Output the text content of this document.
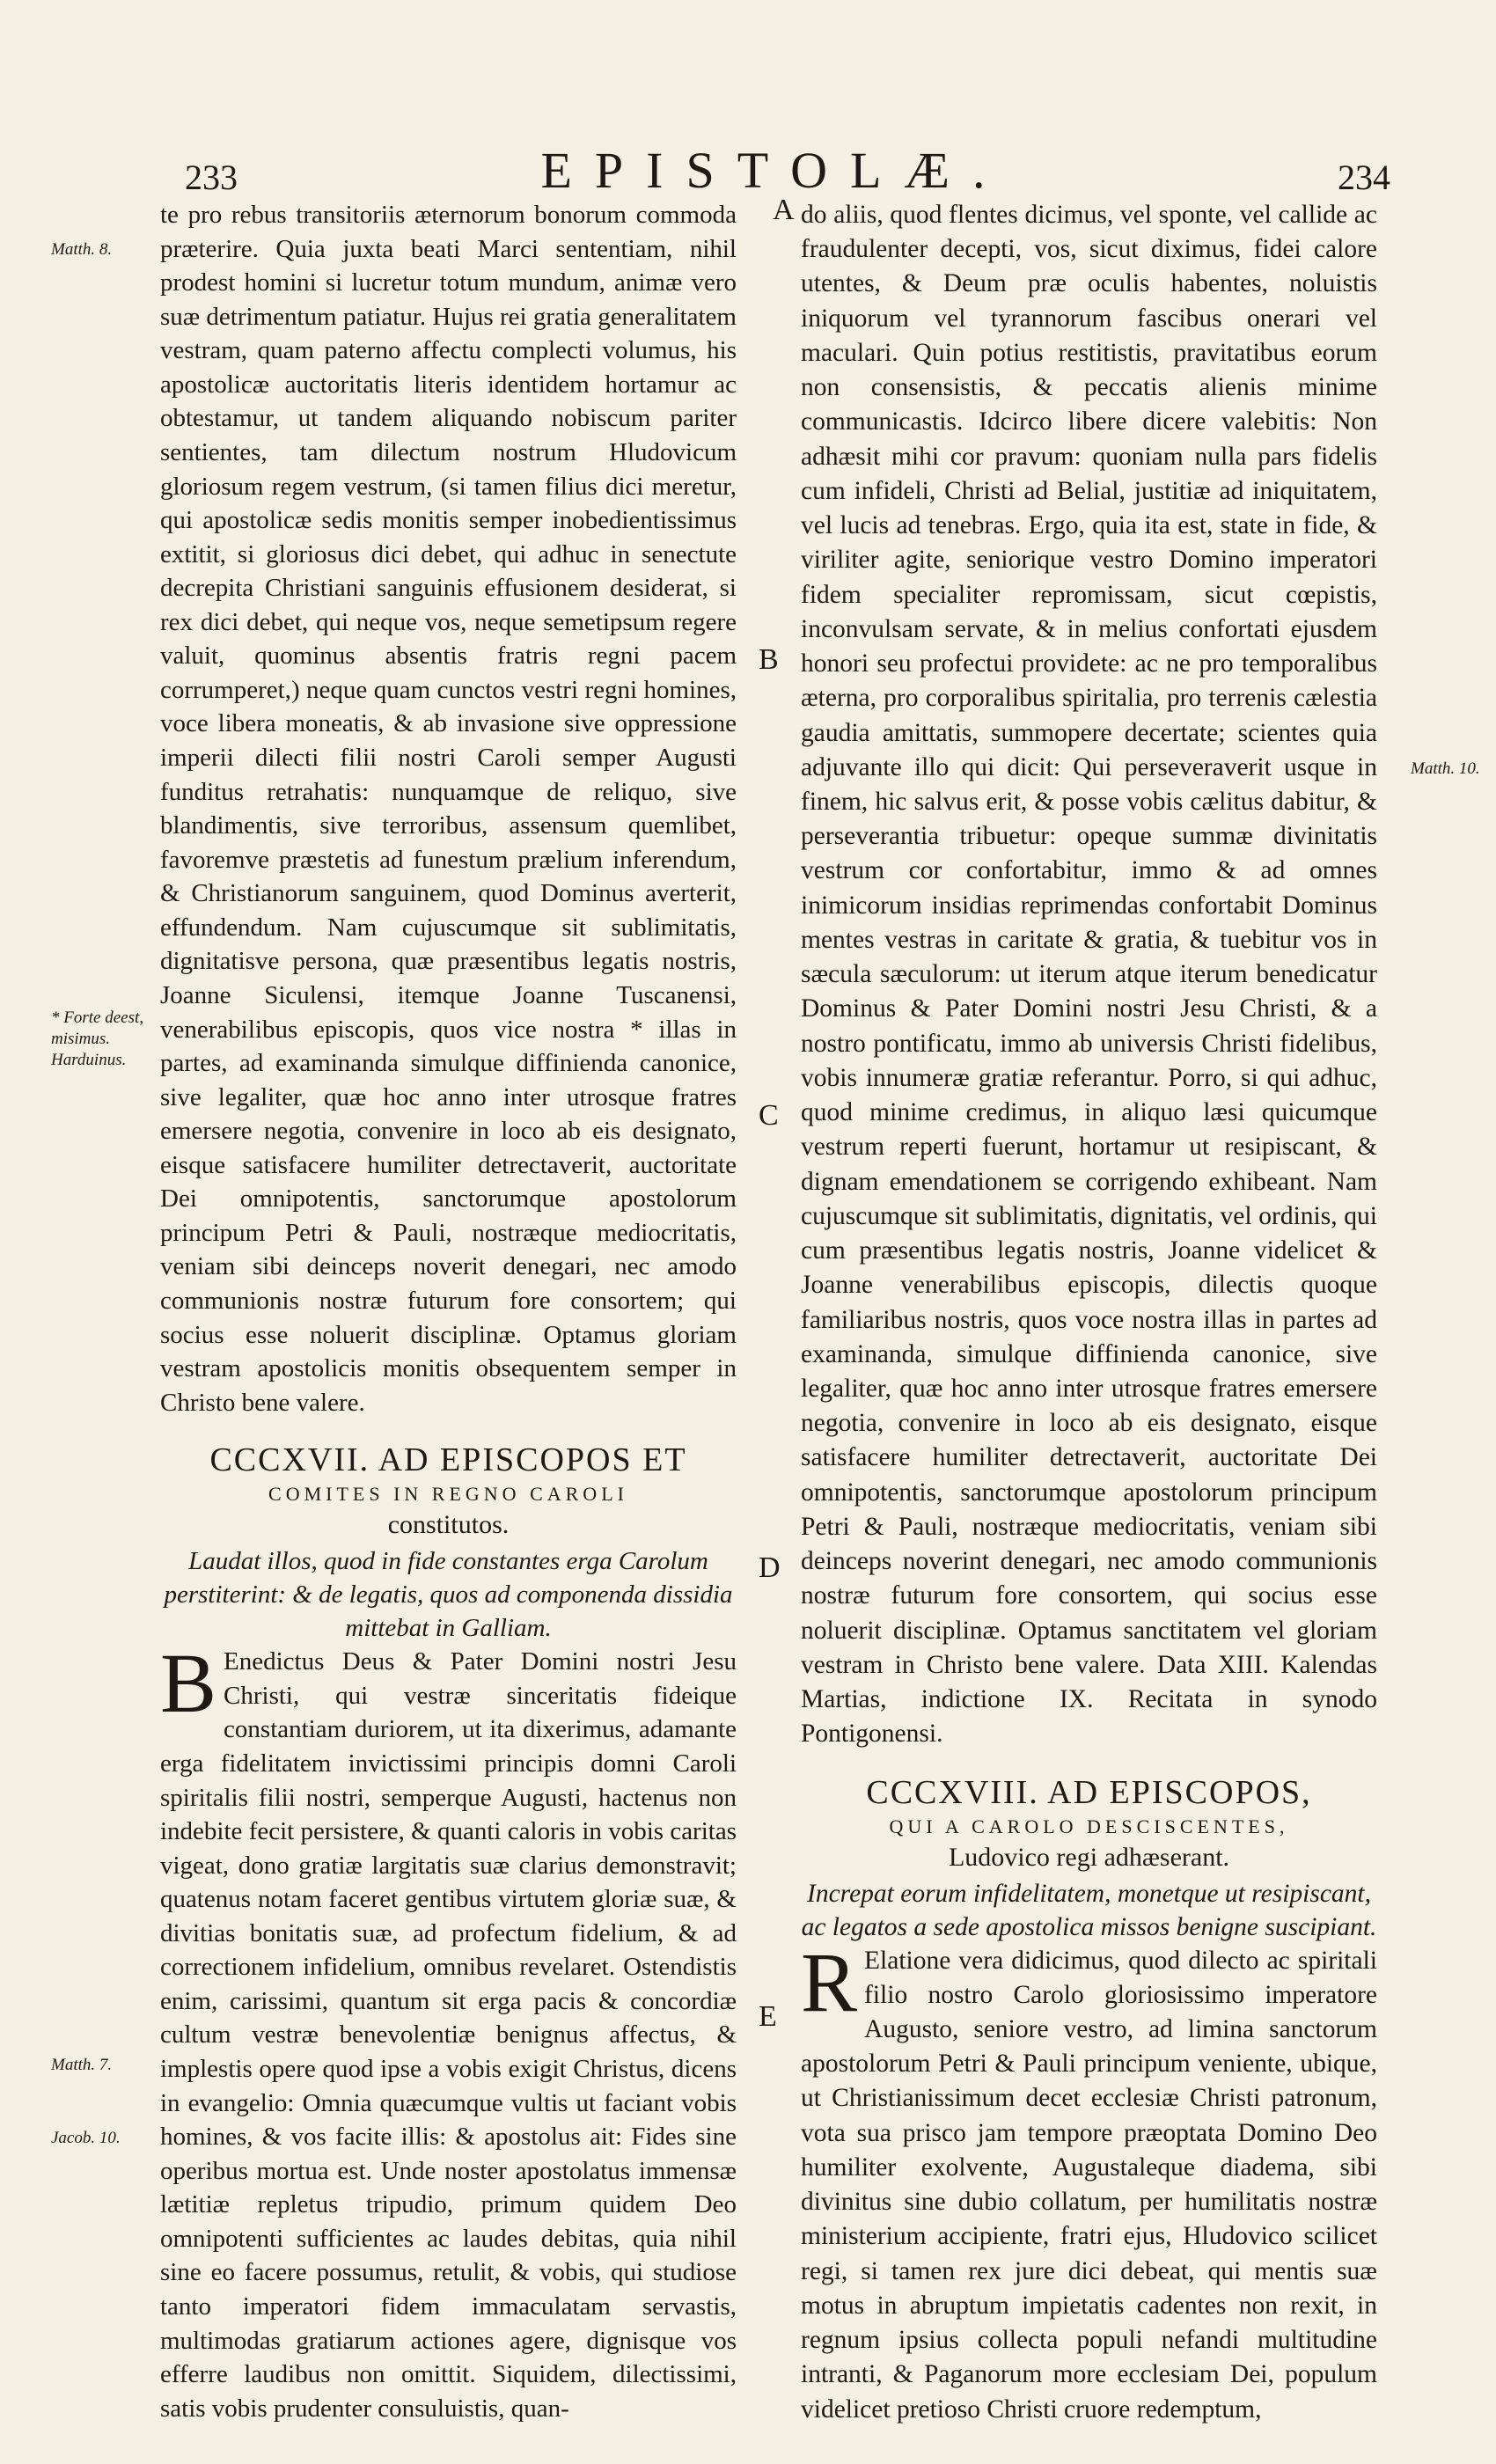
233	EPISTOLÆ.	234
Matth. 8.
* Forte deest, misimus. Harduinus.
Matth. 7.
Jacob. 10.
Matth. 10.
A
B
C
D
E

te pro rebus transitoriis æternorum bonorum commoda præterire. Quia juxta beati Marci sententiam, nihil prodest homini si lucretur totum mundum, animæ vero suæ detrimentum patiatur. Hujus rei gratia generalitatem vestram, quam paterno affectu complecti volumus, his apostolicæ auctoritatis literis identidem hortamur ac obtestamur, ut tandem aliquando nobiscum pariter sentientes, tam dilectum nostrum Hludovicum gloriosum regem vestrum, (si tamen filius dici meretur, qui apostolicæ sedis monitis semper inobedientissimus extitit, si gloriosus dici debet, qui adhuc in senectute decrepita Christiani sanguinis effusionem desiderat, si rex dici debet, qui neque vos, neque semetipsum regere valuit, quominus absentis fratris regni pacem corrumperet,) neque quam cunctos vestri regni homines, voce libera moneatis, & ab invasione sive oppressione imperii dilecti filii nostri Caroli semper Augusti funditus retrahatis: nunquamque de reliquo, sive blandimentis, sive terroribus, assensum quemlibet, favoremve præstetis ad funestum prælium inferendum, & Christianorum sanguinem, quod Dominus averterit, effundendum. Nam cujuscumque sit sublimitatis, dignitatisve persona, quæ præsentibus legatis nostris, Joanne Siculensi, itemque Joanne Tuscanensi, venerabilibus episcopis, quos vice nostra * illas in partes, ad examinanda simulque diffinienda canonice, sive legaliter, quæ hoc anno inter utrosque fratres emersere negotia, convenire in loco ab eis designato, eisque satisfacere humiliter detrectaverit, auctoritate Dei omnipotentis, sanctorumque apostolorum principum Petri & Pauli, nostræque mediocritatis, veniam sibi deinceps noverit denegari, nec amodo communionis nostræ futurum fore consortem; qui socius esse noluerit disciplinæ. Optamus gloriam vestram apostolicis monitis obsequentem semper in Christo bene valere.

CCCXVII. AD EPISCOPOS ET
COMITES IN REGNO CAROLI
constitutos.

Laudat illos, quod in fide constantes erga Carolum perstiterint: & de legatis, quos ad componenda dissidia mittebat in Galliam.

B Enedictus Deus & Pater Domini nostri Jesu Christi, qui vestræ sinceritatis fideique constantiam duriorem, ut ita dixerimus, adamante erga fidelitatem invictissimi principis domni Caroli spiritalis filii nostri, semperque Augusti, hactenus non indebite fecit persistere, & quanti caloris in vobis caritas vigeat, dono gratiæ largitatis suæ clarius demonstravit; quatenus notam faceret gentibus virtutem gloriæ suæ, & divitias bonitatis suæ, ad profectum fidelium, & ad correctionem infidelium, omnibus revelaret. Ostendistis enim, carissimi, quantum sit erga pacis & concordiæ cultum vestræ benevolentiæ benignus affectus, & implestis opere quod ipse a vobis exigit Christus, dicens in evangelio: Omnia quæcumque vultis ut faciant vobis homines, & vos facite illis: & apostolus ait: Fides sine operibus mortua est. Unde noster apostolatus immensæ lætitiæ repletus tripudio, primum quidem Deo omnipotenti sufficientes ac laudes debitas, quia nihil sine eo facere possumus, retulit, & vobis, qui studiose tanto imperatori fidem immaculatam servastis, multimodas gratiarum actiones agere, dignisque vos efferre laudibus non omittit. Siquidem, dilectissimi, satis vobis prudenter consuluistis, quan-

do aliis, quod flentes dicimus, vel sponte, vel callide ac fraudulenter decepti, vos, sicut diximus, fidei calore utentes, & Deum præ oculis habentes, noluistis iniquorum vel tyrannorum fascibus onerari vel maculari. Quin potius restitistis, pravitatibus eorum non consensistis, & peccatis alienis minime communicastis. Idcirco libere dicere valebitis: Non adhæsit mihi cor pravum: quoniam nulla pars fidelis cum infideli, Christi ad Belial, justitiæ ad iniquitatem, vel lucis ad tenebras. Ergo, quia ita est, state in fide, & viriliter agite, seniorique vestro Domino imperatori fidem specialiter repromissam, sicut cœpistis, inconvulsam servate, & in melius confortati ejusdem honori seu profectui providete: ac ne pro temporalibus æterna, pro corporalibus spiritalia, pro terrenis cælestia gaudia amittatis, summopere decertate; scientes quia adjuvante illo qui dicit: Qui perseveraverit usque in finem, hic salvus erit, & posse vobis cælitus dabitur, & perseverantia tribuetur: opeque summæ divinitatis vestrum cor confortabitur, immo & ad omnes inimicorum insidias reprimendas confortabit Dominus mentes vestras in caritate & gratia, & tuebitur vos in sæcula sæculorum: ut iterum atque iterum benedicatur Dominus & Pater Domini nostri Jesu Christi, & a nostro pontificatu, immo ab universis Christi fidelibus, vobis innumeræ gratiæ referantur. Porro, si qui adhuc, quod minime credimus, in aliquo læsi quicumque vestrum reperti fuerunt, hortamur ut resipiscant, & dignam emendationem se corrigendo exhibeant. Nam cujuscumque sit sublimitatis, dignitatis, vel ordinis, qui cum præsentibus legatis nostris, Joanne videlicet & Joanne venerabilibus episcopis, dilectis quoque familiaribus nostris, quos voce nostra illas in partes ad examinanda, simulque diffinienda canonice, sive legaliter, quæ hoc anno inter utrosque fratres emersere negotia, convenire in loco ab eis designato, eisque satisfacere humiliter detrectaverit, auctoritate Dei omnipotentis, sanctorumque apostolorum principum Petri & Pauli, nostræque mediocritatis, veniam sibi deinceps noverint denegari, nec amodo communionis nostræ futurum fore consortem, qui socius esse noluerit disciplinæ. Optamus sanctitatem vel gloriam vestram in Christo bene valere. Data XIII. Kalendas Martias, indictione IX. Recitata in synodo Pontigonensi.

CCCXVIII. AD EPISCOPOS,
QUI A CAROLO DESCISCENTES,
Ludovico regi adhæserant.

Increpat eorum infidelitatem, monetque ut resipiscant, ac legatos a sede apostolica missos benigne suscipiant.

R Elatione vera didicimus, quod dilecto ac spiritali filio nostro Carolo gloriosissimo imperatore Augusto, seniore vestro, ad limina sanctorum apostolorum Petri & Pauli principum veniente, ubique, ut Christianissimum decet ecclesiæ Christi patronum, vota sua prisco jam tempore præoptata Domino Deo humiliter exolvente, Augustaleque diadema, sibi divinitus sine dubio collatum, per humilitatis nostræ ministerium accipiente, fratri ejus, Hludovico scilicet regi, si tamen rex jure dici debeat, qui mentis suæ motus in abruptum impietatis cadentes non rexit, in regnum ipsius collecta populi nefandi multitudine intranti, & Paganorum more ecclesiam Dei, populum videlicet pretioso Christi cruore redemptum,
